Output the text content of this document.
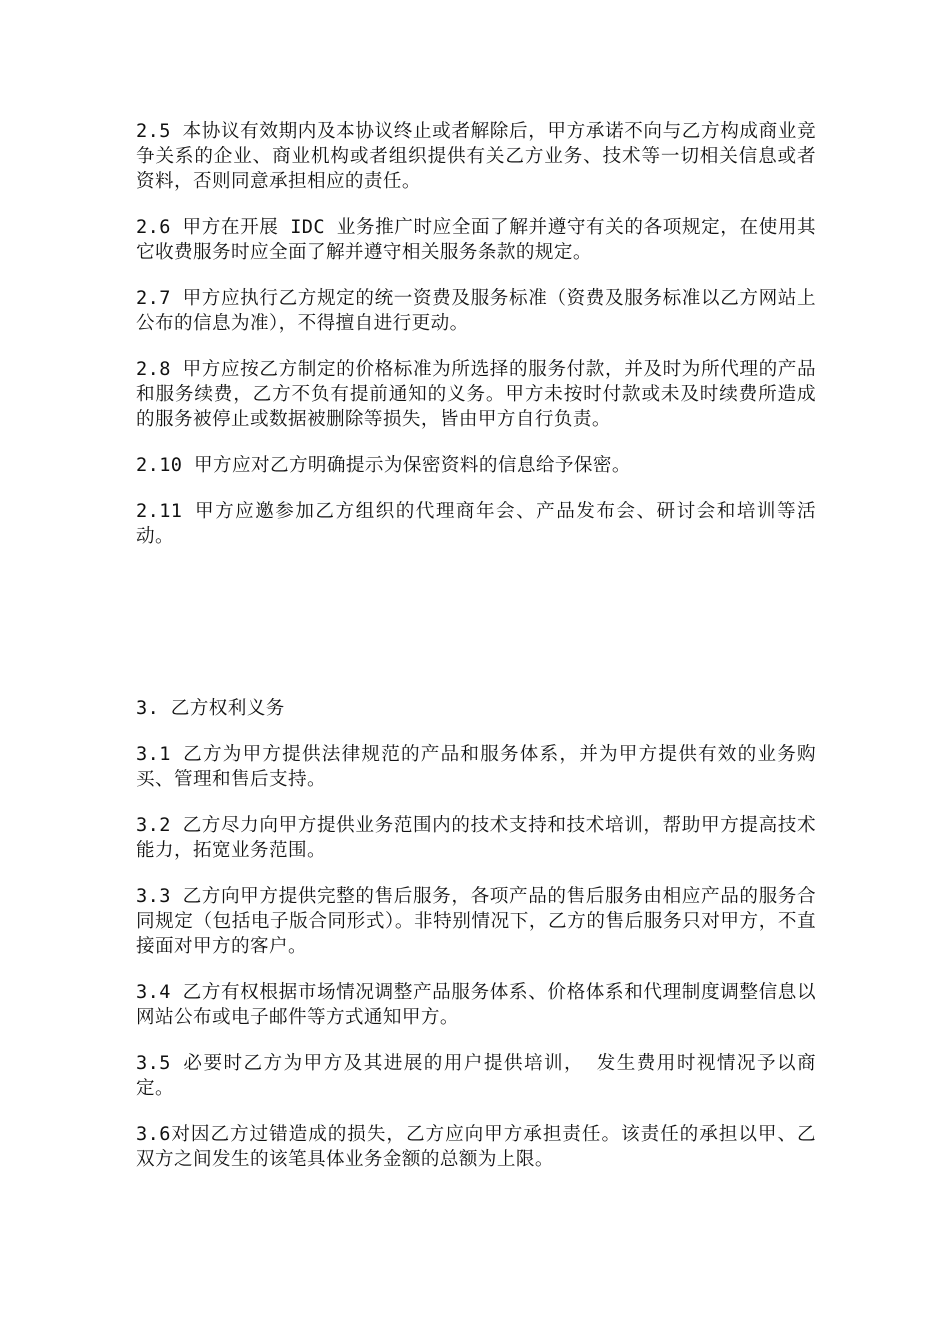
2.5 本协议有效期内及本协议终止或者解除后，甲方承诺不向与乙方构成商业竞争关系的企业、商业机构或者组织提供有关乙方业务、技术等一切相关信息或者资料，否则同意承担相应的责任。

2.6 甲方在开展 IDC 业务推广时应全面了解并遵守有关的各项规定，在使用其它收费服务时应全面了解并遵守相关服务条款的规定。

2.7 甲方应执行乙方规定的统一资费及服务标准（资费及服务标准以乙方网站上公布的信息为准），不得擅自进行更动。

2.8 甲方应按乙方制定的价格标准为所选择的服务付款，并及时为所代理的产品和服务续费，乙方不负有提前通知的义务。甲方未按时付款或未及时续费所造成的服务被停止或数据被删除等损失，皆由甲方自行负责。

2.10 甲方应对乙方明确提示为保密资料的信息给予保密。

2.11 甲方应邀参加乙方组织的代理商年会、产品发布会、研讨会和培训等活动。

3. 乙方权利义务

3.1 乙方为甲方提供法律规范的产品和服务体系，并为甲方提供有效的业务购买、管理和售后支持。

3.2 乙方尽力向甲方提供业务范围内的技术支持和技术培训，帮助甲方提高技术能力，拓宽业务范围。

3.3 乙方向甲方提供完整的售后服务，各项产品的售后服务由相应产品的服务合同规定（包括电子版合同形式）。非特别情况下，乙方的售后服务只对甲方，不直接面对甲方的客户。

3.4 乙方有权根据市场情况调整产品服务体系、价格体系和代理制度调整信息以网站公布或电子邮件等方式通知甲方。

3.5 必要时乙方为甲方及其进展的用户提供培训， 发生费用时视情况予以商定。

3.6对因乙方过错造成的损失，乙方应向甲方承担责任。该责任的承担以甲、乙双方之间发生的该笔具体业务金额的总额为上限。
